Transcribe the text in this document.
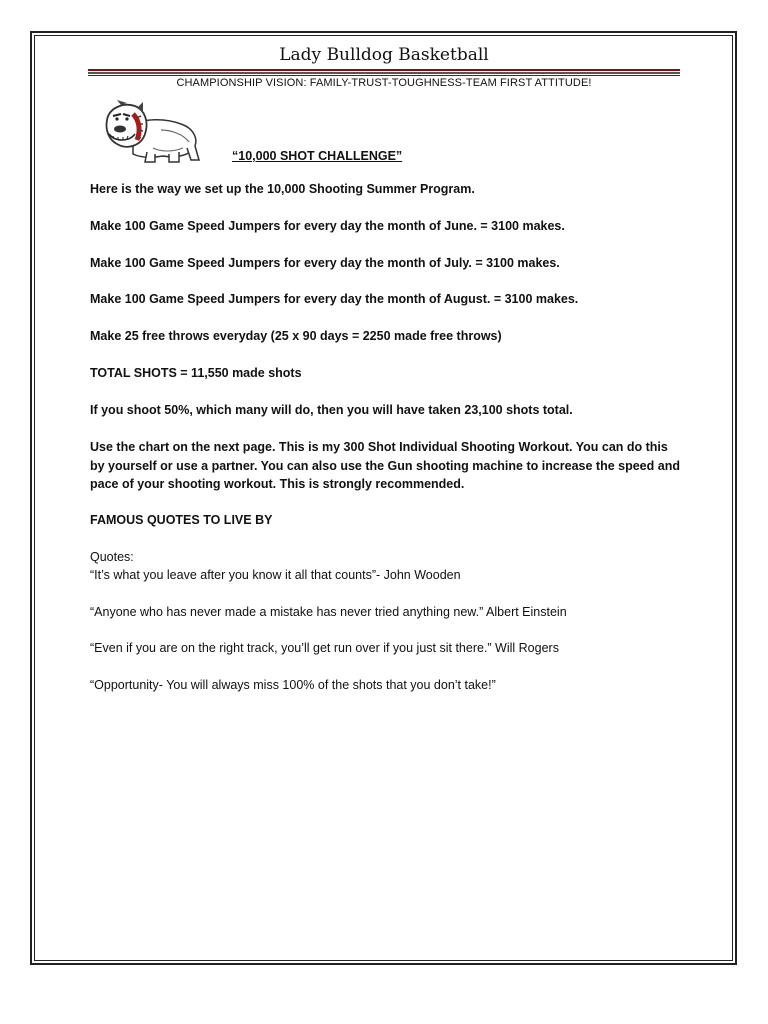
Lady Bulldog Basketball
CHAMPIONSHIP VISION: FAMILY-TRUST-TOUGHNESS-TEAM FIRST ATTITUDE!
“10,000 SHOT CHALLENGE”
Here is the way we set up the 10,000 Shooting Summer Program.
Make 100 Game Speed Jumpers for every day the month of June. = 3100 makes.
Make 100 Game Speed Jumpers for every day the month of July. = 3100 makes.
Make 100 Game Speed Jumpers for every day the month of August. = 3100 makes.
Make 25 free throws everyday (25 x 90 days = 2250 made free throws)
TOTAL SHOTS = 11,550 made shots
If you shoot 50%, which many will do, then you will have taken 23,100 shots total.
Use the chart on the next page. This is my 300 Shot Individual Shooting Workout. You can do this by yourself or use a partner. You can also use the Gun shooting machine to increase the speed and pace of your shooting workout. This is strongly recommended.
FAMOUS QUOTES TO LIVE BY
Quotes:
“It’s what you leave after you know it all that counts”- John Wooden
“Anyone who has never made a mistake has never tried anything new.” Albert Einstein
“Even if you are on the right track, you’ll get run over if you just sit there.” Will Rogers
“Opportunity- You will always miss 100% of the shots that you don’t take!”
